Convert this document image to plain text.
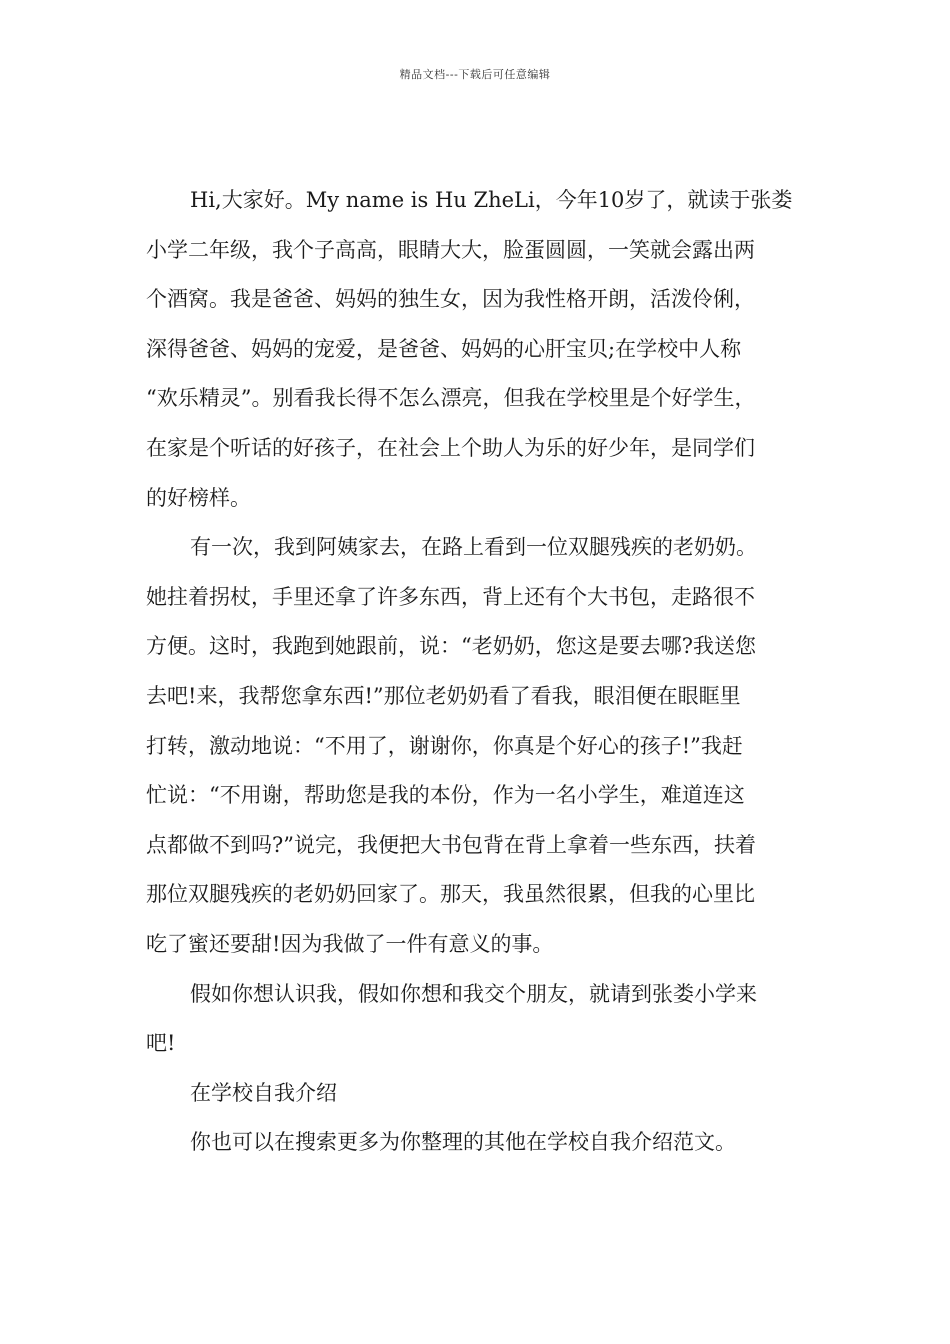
精品文档---下载后可任意编辑
Hi,大家好。My name is Hu ZheLi，今年10岁了，就读于张娄
小学二年级，我个子高高，眼睛大大，脸蛋圆圆，一笑就会露出两
个酒窝。我是爸爸、妈妈的独生女，因为我性格开朗，活泼伶俐，
深得爸爸、妈妈的宠爱，是爸爸、妈妈的心肝宝贝;在学校中人称
“欢乐精灵”。别看我长得不怎么漂亮，但我在学校里是个好学生，
在家是个听话的好孩子，在社会上个助人为乐的好少年，是同学们
的好榜样。
有一次，我到阿姨家去，在路上看到一位双腿残疾的老奶奶。
她拄着拐杖，手里还拿了许多东西，背上还有个大书包，走路很不
方便。这时，我跑到她跟前，说：“老奶奶，您这是要去哪?我送您
去吧!来，我帮您拿东西!”那位老奶奶看了看我，眼泪便在眼眶里
打转，激动地说：“不用了，谢谢你，你真是个好心的孩子!”我赶
忙说：“不用谢，帮助您是我的本份，作为一名小学生，难道连这
点都做不到吗?”说完，我便把大书包背在背上拿着一些东西，扶着
那位双腿残疾的老奶奶回家了。那天，我虽然很累，但我的心里比
吃了蜜还要甜!因为我做了一件有意义的事。
假如你想认识我，假如你想和我交个朋友，就请到张娄小学来
吧!
在学校自我介绍
你也可以在搜索更多为你整理的其他在学校自我介绍范文。
